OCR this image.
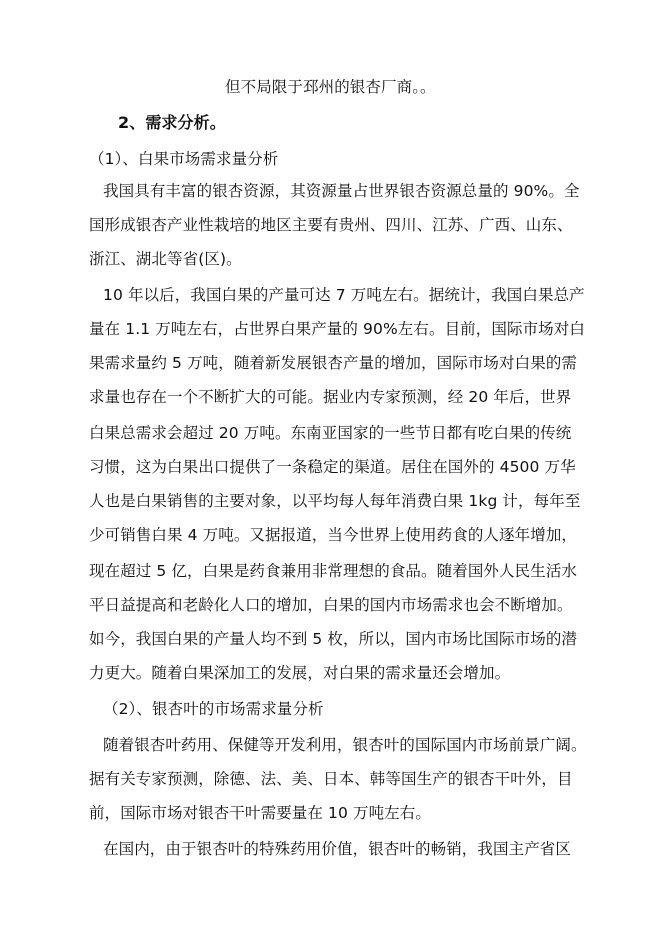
但不局限于邳州的银杏厂商。。
2、需求分析。
（1）、白果市场需求量分析
我国具有丰富的银杏资源，其资源量占世界银杏资源总量的 90%。全
国形成银杏产业性栽培的地区主要有贵州、四川、江苏、广西、山东、
浙江、湖北等省(区)。
10 年以后，我国白果的产量可达 7 万吨左右。据统计，我国白果总产
量在 1.1 万吨左右，占世界白果产量的 90%左右。目前，国际市场对白
果需求量约 5 万吨，随着新发展银杏产量的增加，国际市场对白果的需
求量也存在一个不断扩大的可能。据业内专家预测，经 20 年后，世界
白果总需求会超过 20 万吨。东南亚国家的一些节日都有吃白果的传统
习惯，这为白果出口提供了一条稳定的渠道。居住在国外的 4500 万华
人也是白果销售的主要对象，以平均每人每年消费白果 1kg 计，每年至
少可销售白果 4 万吨。又据报道，当今世界上使用药食的人逐年增加，
现在超过 5 亿，白果是药食兼用非常理想的食品。随着国外人民生活水
平日益提高和老龄化人口的增加，白果的国内市场需求也会不断增加。
如今，我国白果的产量人均不到 5 枚，所以，国内市场比国际市场的潜
力更大。随着白果深加工的发展，对白果的需求量还会增加。
（2）、银杏叶的市场需求量分析
随着银杏叶药用、保健等开发利用，银杏叶的国际国内市场前景广阔。
据有关专家预测，除德、法、美、日本、韩等国生产的银杏干叶外，目
前，国际市场对银杏干叶需要量在 10 万吨左右。
在国内，由于银杏叶的特殊药用价值，银杏叶的畅销，我国主产省区
